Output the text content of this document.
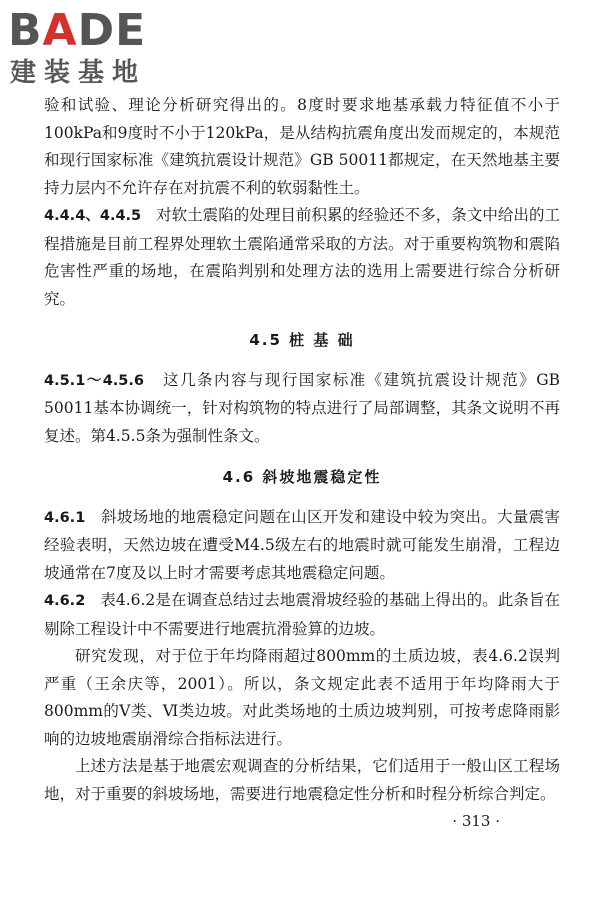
BADE
建装基地

验和试验、理论分析研究得出的。8度时要求地基承载力特征值不小于100kPa和9度时不小于120kPa，是从结构抗震角度出发而规定的，本规范和现行国家标准《建筑抗震设计规范》GB 50011都规定，在天然地基主要持力层内不允许存在对抗震不利的软弱黏性土。

4.4.4、4.4.5 对软土震陷的处理目前积累的经验还不多，条文中给出的工程措施是目前工程界处理软土震陷通常采取的方法。对于重要构筑物和震陷危害性严重的场地，在震陷判别和处理方法的选用上需要进行综合分析研究。

4.5 桩 基 础

4.5.1～4.5.6 这几条内容与现行国家标准《建筑抗震设计规范》GB 50011基本协调统一，针对构筑物的特点进行了局部调整，其条文说明不再复述。第4.5.5条为强制性条文。

4.6 斜坡地震稳定性

4.6.1 斜坡场地的地震稳定问题在山区开发和建设中较为突出。大量震害经验表明，天然边坡在遭受M4.5级左右的地震时就可能发生崩滑，工程边坡通常在7度及以上时才需要考虑其地震稳定问题。

4.6.2 表4.6.2是在调查总结过去地震滑坡经验的基础上得出的。此条旨在剔除工程设计中不需要进行地震抗滑验算的边坡。

研究发现，对于位于年均降雨超过800mm的土质边坡，表4.6.2误判严重（王余庆等，2001）。所以，条文规定此表不适用于年均降雨大于800mm的Ⅴ类、Ⅵ类边坡。对此类场地的土质边坡判别，可按考虑降雨影响的边坡地震崩滑综合指标法进行。

上述方法是基于地震宏观调查的分析结果，它们适用于一般山区工程场地，对于重要的斜坡场地，需要进行地震稳定性分析和时程分析综合判定。

· 313 ·
